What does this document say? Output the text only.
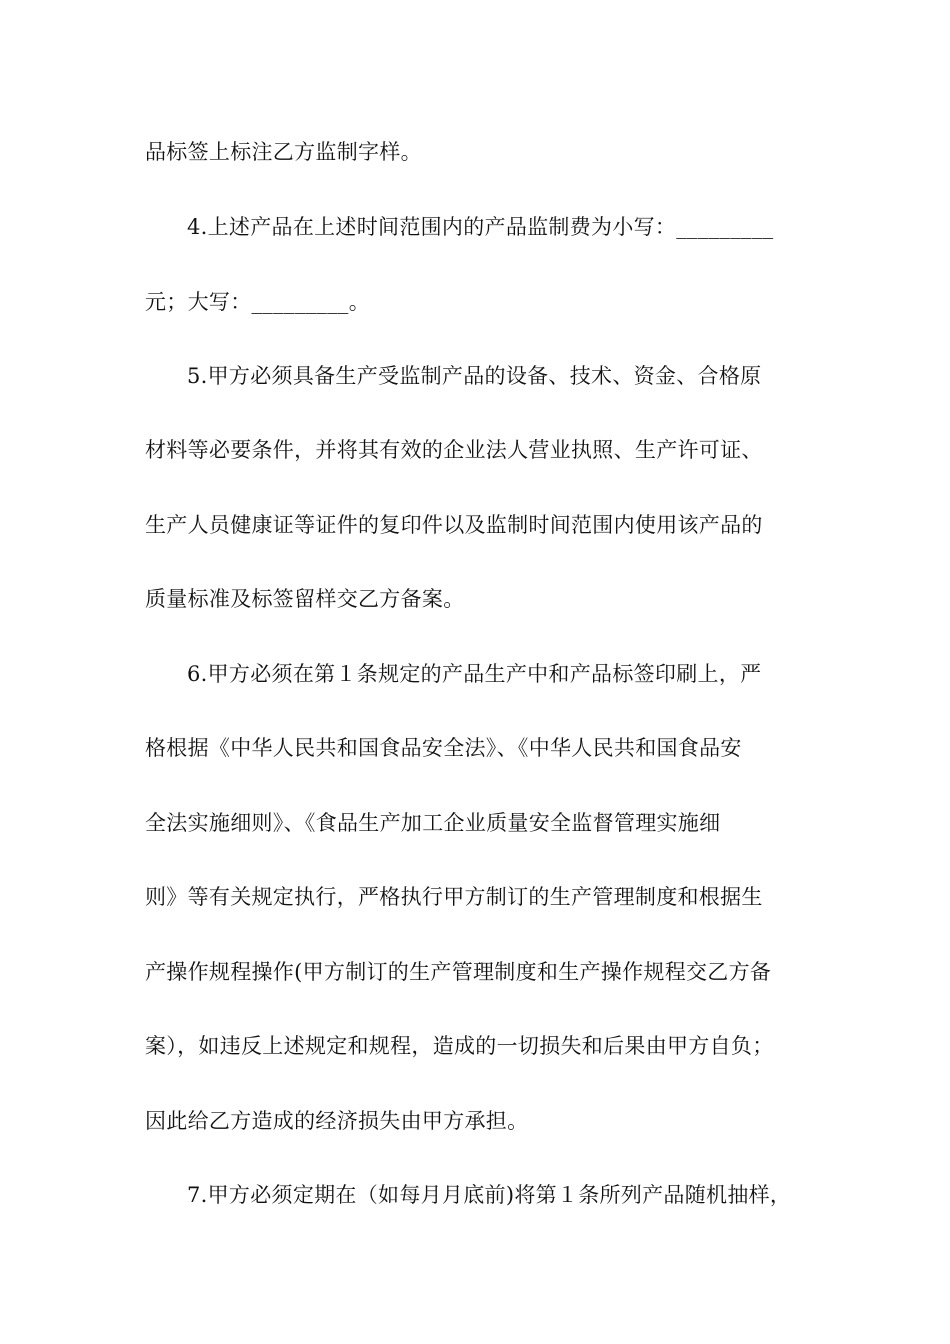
品标签上标注乙方监制字样。
4.上述产品在上述时间范围内的产品监制费为小写：_________
元；大写：_________。
5.甲方必须具备生产受监制产品的设备、技术、资金、合格原
材料等必要条件，并将其有效的企业法人营业执照、生产许可证、
生产人员健康证等证件的复印件以及监制时间范围内使用该产品的
质量标准及标签留样交乙方备案。
6.甲方必须在第１条规定的产品生产中和产品标签印刷上，严
格根据《中华人民共和国食品安全法》、《中华人民共和国食品安
全法实施细则》、《食品生产加工企业质量安全监督管理实施细
则》等有关规定执行，严格执行甲方制订的生产管理制度和根据生
产操作规程操作(甲方制订的生产管理制度和生产操作规程交乙方备
案），如违反上述规定和规程，造成的一切损失和后果由甲方自负；
因此给乙方造成的经济损失由甲方承担。
7.甲方必须定期在（如每月月底前)将第１条所列产品随机抽样，
